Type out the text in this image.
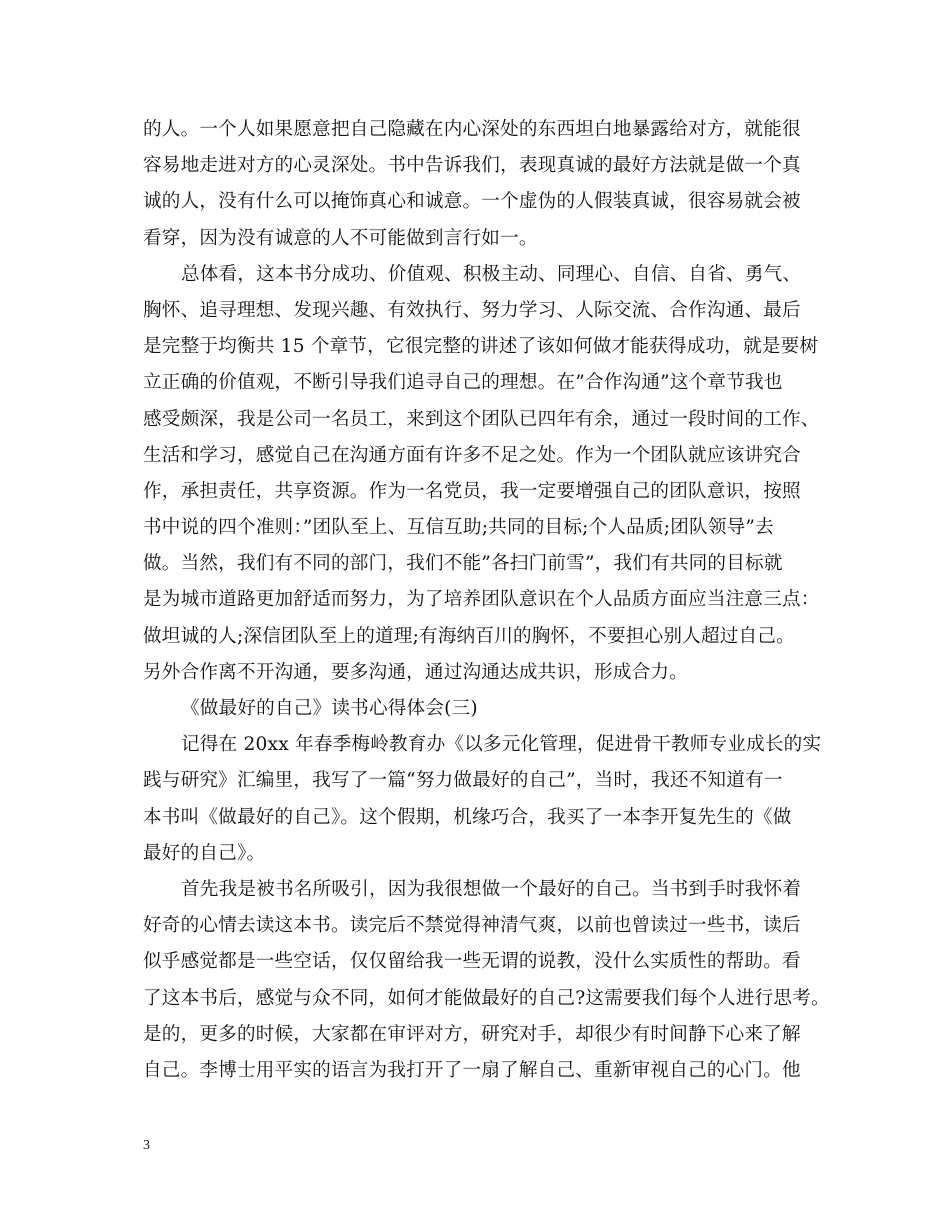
的人。一个人如果愿意把自己隐藏在内心深处的东西坦白地暴露给对方，就能很
容易地走进对方的心灵深处。书中告诉我们，表现真诚的最好方法就是做一个真
诚的人，没有什么可以掩饰真心和诚意。一个虚伪的人假装真诚，很容易就会被
看穿，因为没有诚意的人不可能做到言行如一。
总体看，这本书分成功、价值观、积极主动、同理心、自信、自省、勇气、
胸怀、追寻理想、发现兴趣、有效执行、努力学习、人际交流、合作沟通、最后
是完整于均衡共 15 个章节，它很完整的讲述了该如何做才能获得成功，就是要树
立正确的价值观，不断引导我们追寻自己的理想。在”合作沟通”这个章节我也
感受颇深，我是公司一名员工，来到这个团队已四年有余，通过一段时间的工作、
生活和学习，感觉自己在沟通方面有许多不足之处。作为一个团队就应该讲究合
作，承担责任，共享资源。作为一名党员，我一定要增强自己的团队意识，按照
书中说的四个准则：”团队至上、互信互助;共同的目标;个人品质;团队领导”去
做。当然，我们有不同的部门，我们不能”各扫门前雪”，我们有共同的目标就
是为城市道路更加舒适而努力，为了培养团队意识在个人品质方面应当注意三点：
做坦诚的人;深信团队至上的道理;有海纳百川的胸怀，不要担心别人超过自己。
另外合作离不开沟通，要多沟通，通过沟通达成共识，形成合力。
《做最好的自己》读书心得体会(三)
记得在 20xx 年春季梅岭教育办《以多元化管理，促进骨干教师专业成长的实
践与研究》汇编里，我写了一篇“努力做最好的自己”，当时，我还不知道有一
本书叫《做最好的自己》。这个假期，机缘巧合，我买了一本李开复先生的《做
最好的自己》。
首先我是被书名所吸引，因为我很想做一个最好的自己。当书到手时我怀着
好奇的心情去读这本书。读完后不禁觉得神清气爽，以前也曾读过一些书，读后
似乎感觉都是一些空话，仅仅留给我一些无谓的说教，没什么实质性的帮助。看
了这本书后，感觉与众不同，如何才能做最好的自己?这需要我们每个人进行思考。
是的，更多的时候，大家都在审评对方，研究对手，却很少有时间静下心来了解
自己。李博士用平实的语言为我打开了一扇了解自己、重新审视自己的心门。他
3
